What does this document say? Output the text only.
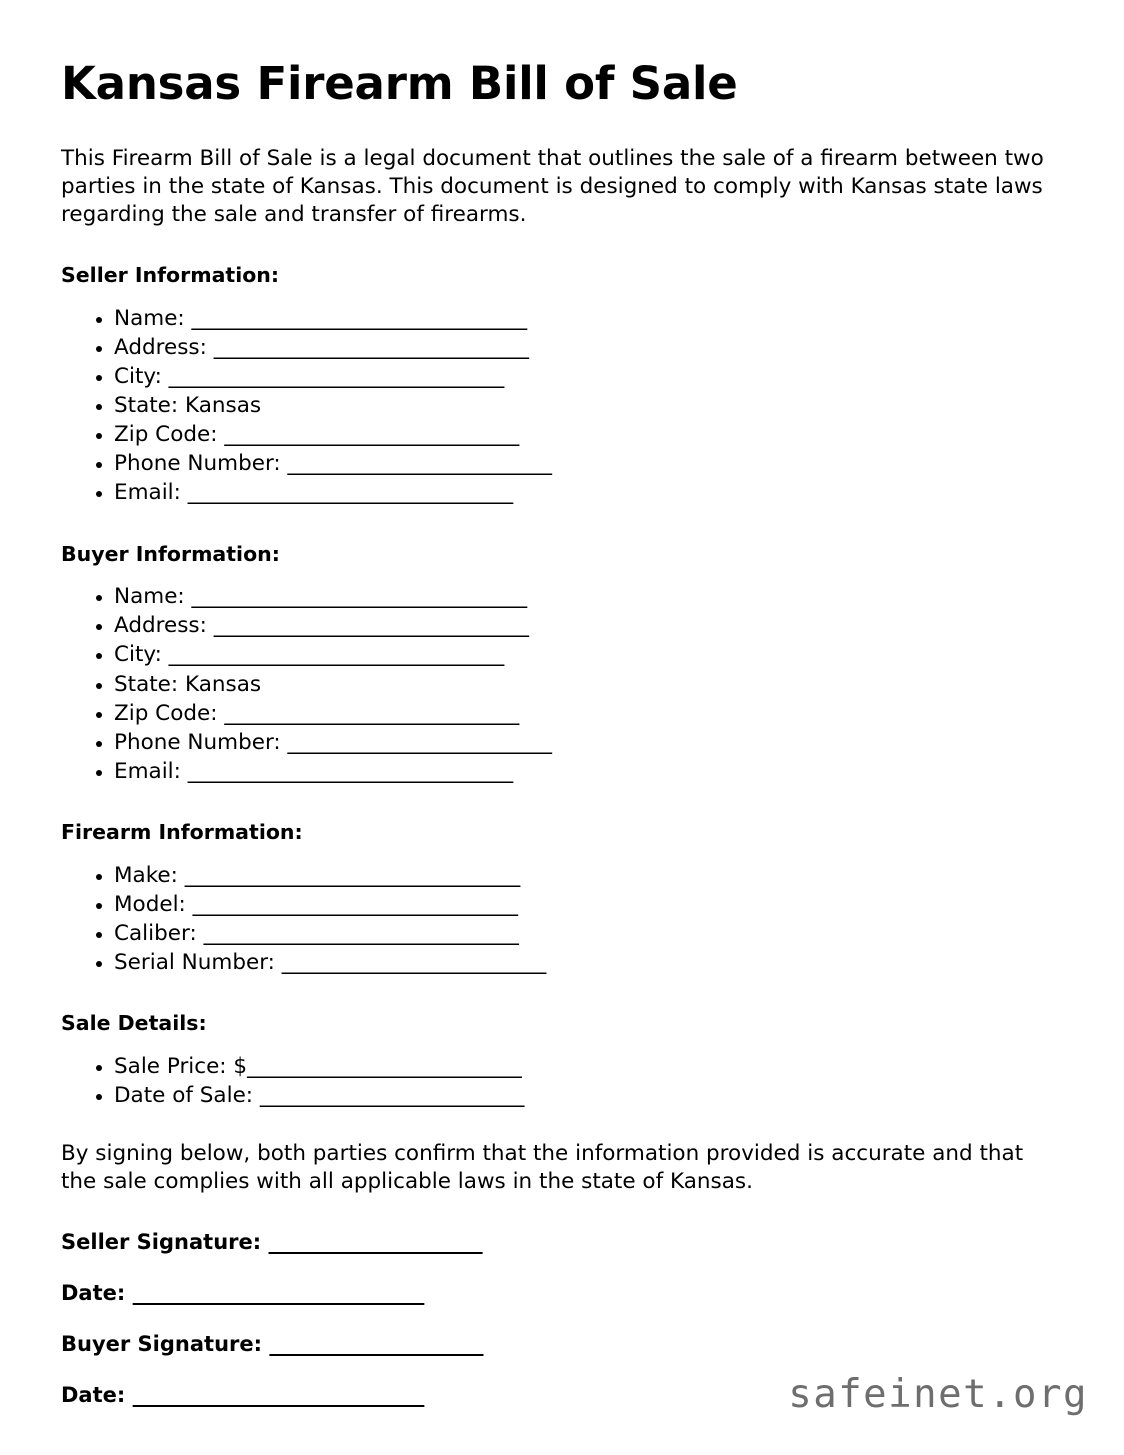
Kansas Firearm Bill of Sale

This Firearm Bill of Sale is a legal document that outlines the sale of a firearm between two parties in the state of Kansas. This document is designed to comply with Kansas state laws regarding the sale and transfer of firearms.

Seller Information:
Name: _________________________________
Address: _______________________________
City: _________________________________
State: Kansas
Zip Code: _____________________________
Phone Number: __________________________
Email: ________________________________
Buyer Information:
Name: _________________________________
Address: _______________________________
City: _________________________________
State: Kansas
Zip Code: _____________________________
Phone Number: __________________________
Email: ________________________________
Firearm Information:
Make: _________________________________
Model: ________________________________
Caliber: _______________________________
Serial Number: __________________________
Sale Details:
Sale Price: $___________________________
Date of Sale: __________________________

By signing below, both parties confirm that the information provided is accurate and that the sale complies with all applicable laws in the state of Kansas.

Seller Signature: ______________________
Date: ______________________________
Buyer Signature: ______________________
Date: ______________________________	safeinet.org
